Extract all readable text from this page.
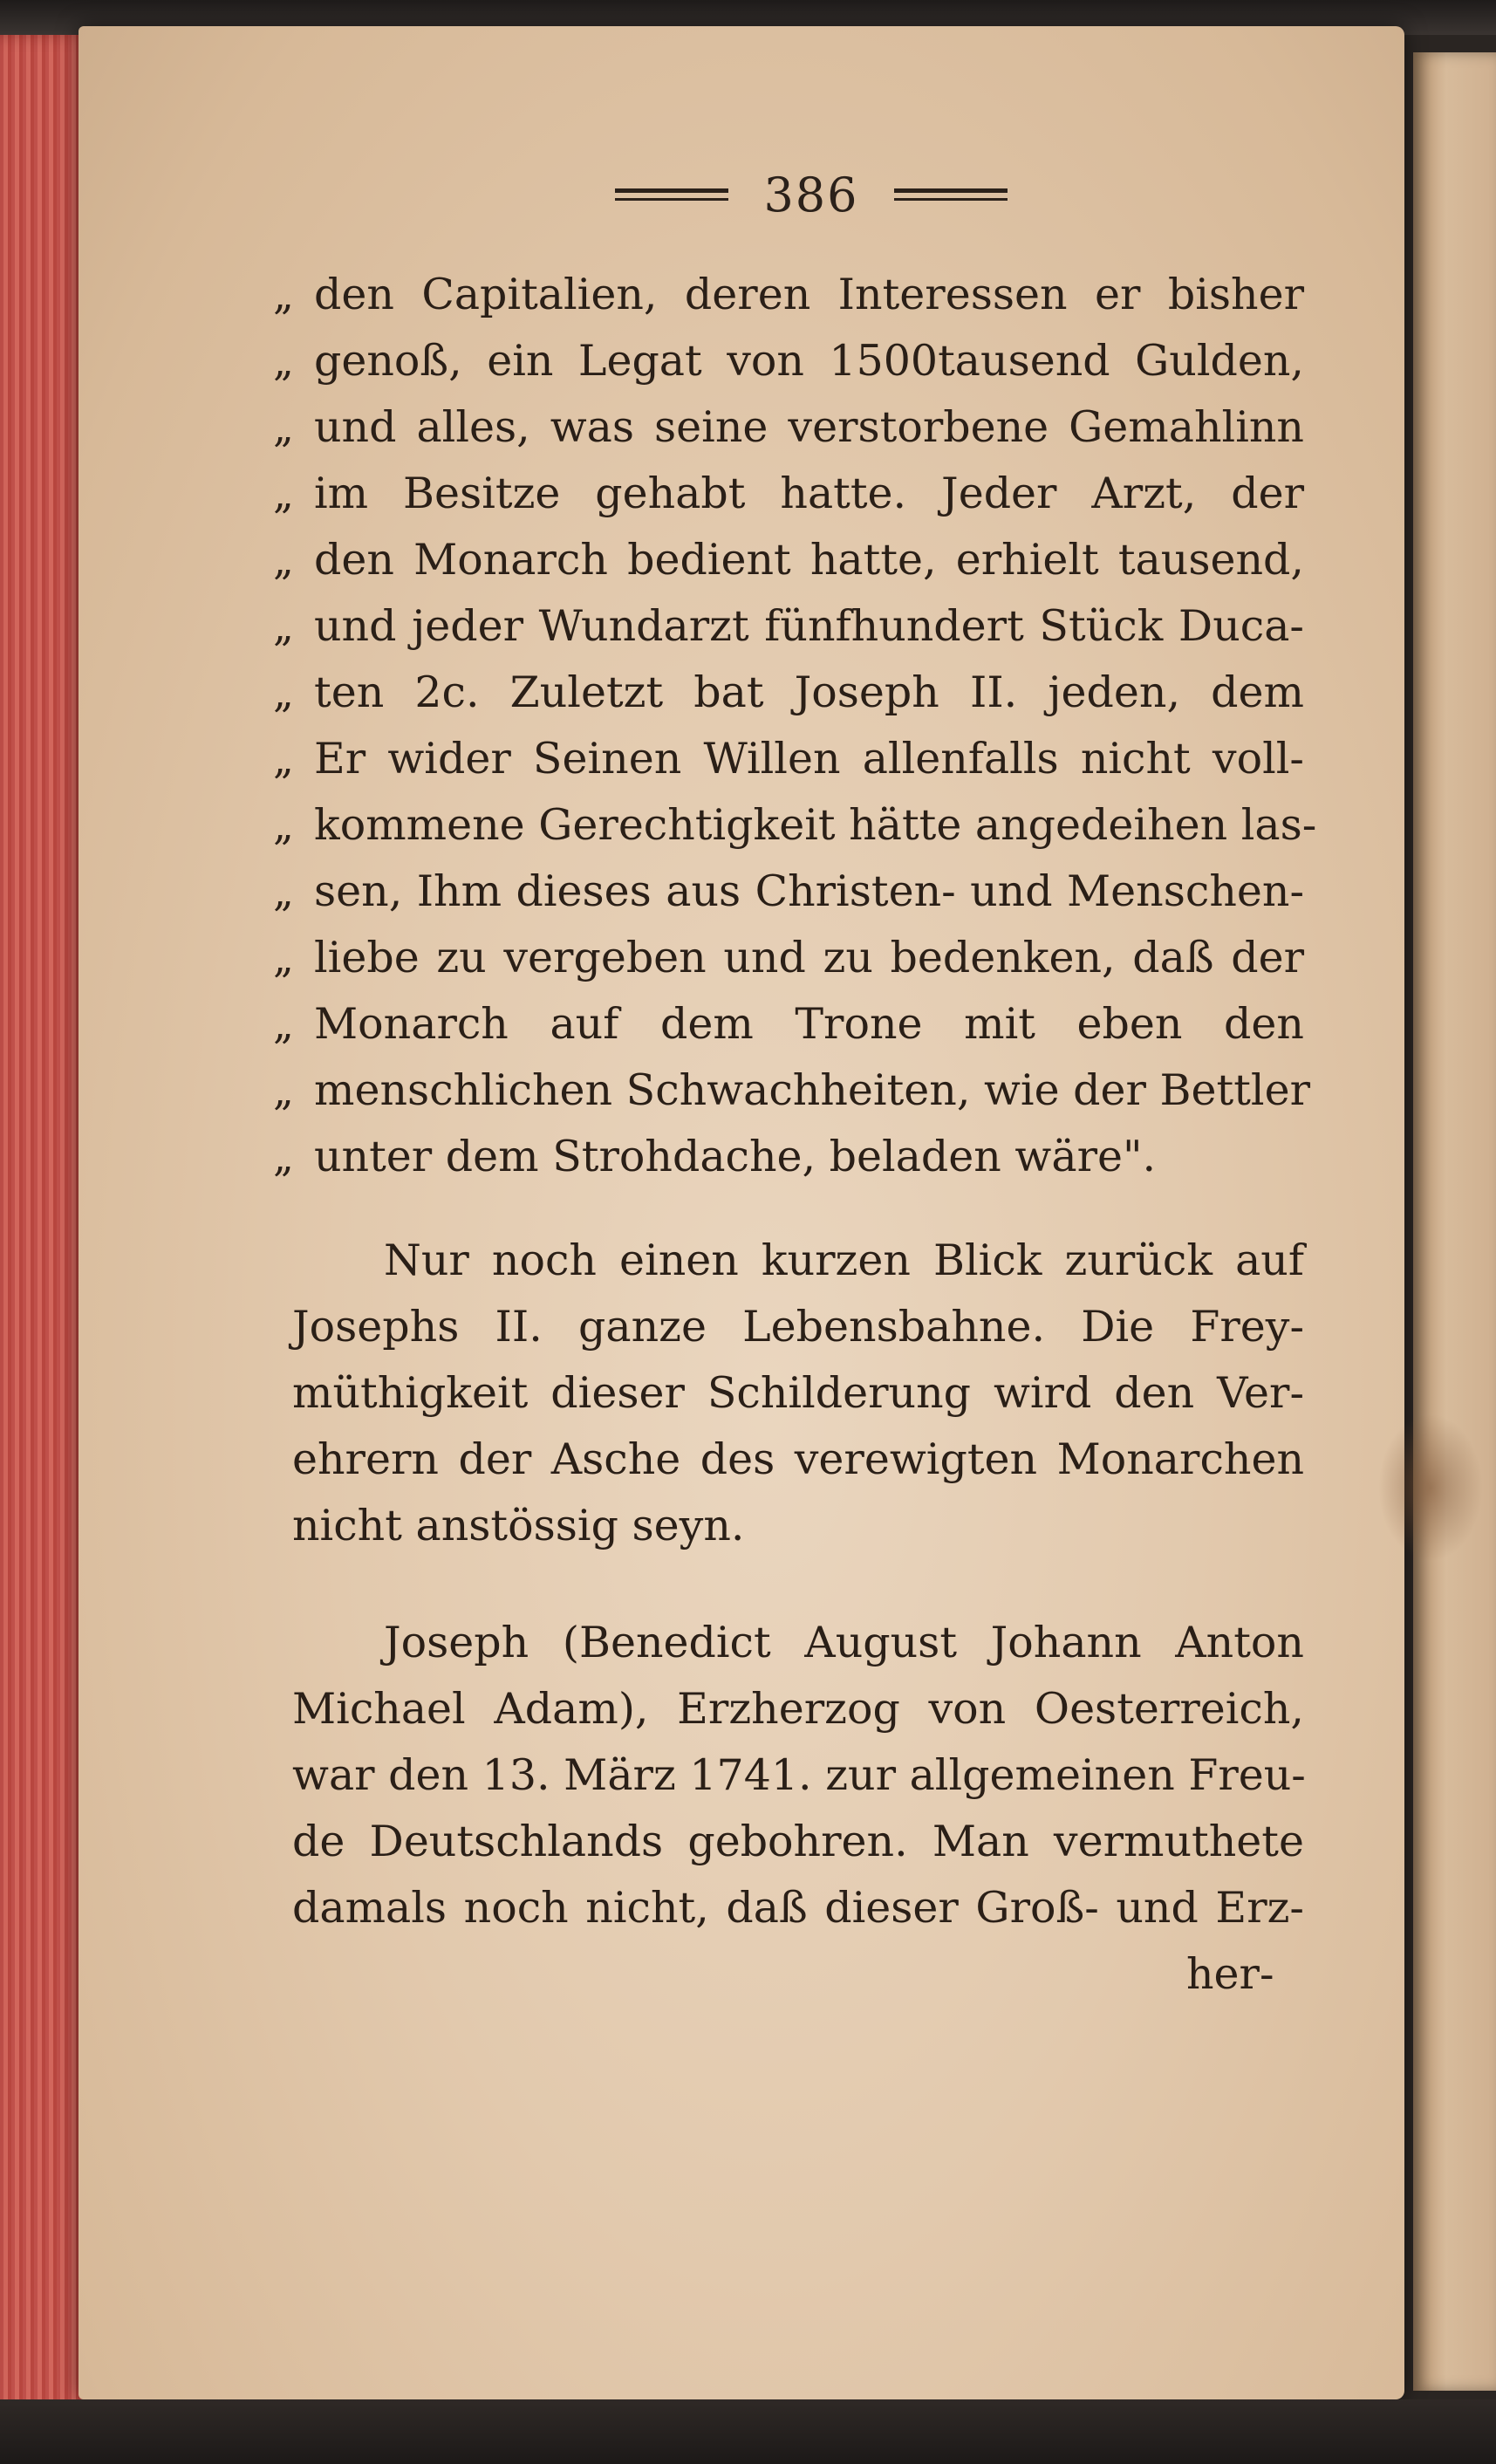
386
„ den Capitalien, deren Interessen er bisher
„ genoß, ein Legat von 1500tausend Gulden,
„ und alles, was seine verstorbene Gemahlinn
„ im Besitze gehabt hatte. Jeder Arzt, der
„ den Monarch bedient hatte, erhielt tausend,
„ und jeder Wundarzt fünfhundert Stück Duca-
„ ten 2c. Zuletzt bat Joseph II. jeden, dem
„ Er wider Seinen Willen allenfalls nicht voll-
„ kommene Gerechtigkeit hätte angedeihen las-
„ sen, Ihm dieses aus Christen- und Menschen-
„ liebe zu vergeben und zu bedenken, daß der
„ Monarch auf dem Trone mit eben den
„ menschlichen Schwachheiten, wie der Bettler
„ unter dem Strohdache, beladen wäre".
Nur noch einen kurzen Blick zurück auf
Josephs II. ganze Lebensbahne. Die Frey-
müthigkeit dieser Schilderung wird den Ver-
ehrern der Asche des verewigten Monarchen
nicht anstössig seyn.
Joseph (Benedict August Johann Anton
Michael Adam), Erzherzog von Oesterreich,
war den 13. März 1741. zur allgemeinen Freu-
de Deutschlands gebohren. Man vermuthete
damals noch nicht, daß dieser Groß- und Erz-
her-
